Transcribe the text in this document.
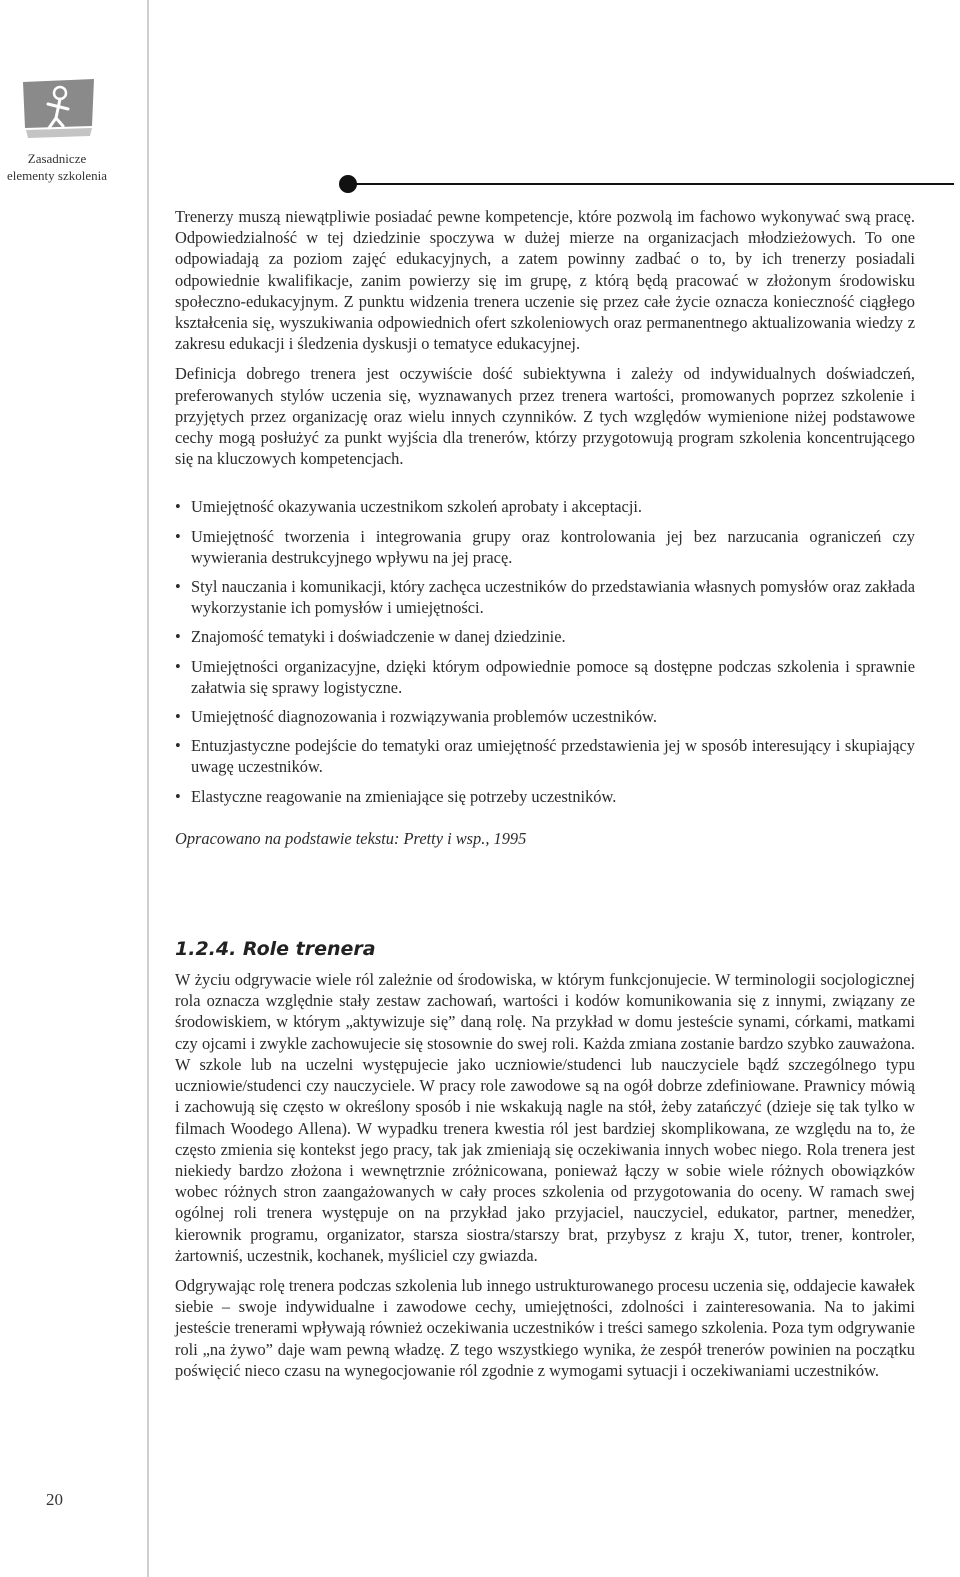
Zasadnicze
elementy szkolenia

Trenerzy muszą niewątpliwie posiadać pewne kompetencje, które pozwolą im fachowo wykonywać swą pracę. Odpowiedzialność w tej dziedzinie spoczywa w dużej mierze na organizacjach młodzieżowych. To one odpowiadają za poziom zajęć edukacyjnych, a zatem powinny zadbać o to, by ich trenerzy posiadali odpowiednie kwalifikacje, zanim powierzy się im grupę, z którą będą pracować w złożonym środowisku społeczno-edukacyjnym. Z punktu widzenia trenera uczenie się przez całe życie oznacza konieczność ciągłego kształcenia się, wyszukiwania odpowiednich ofert szkoleniowych oraz permanentnego aktualizowania wiedzy z zakresu edukacji i śledzenia dyskusji o tematyce edukacyjnej.

Definicja dobrego trenera jest oczywiście dość subiektywna i zależy od indywidualnych doświadczeń, preferowanych stylów uczenia się, wyznawanych przez trenera wartości, promowanych poprzez szkolenie i przyjętych przez organizację oraz wielu innych czynników. Z tych względów wymienione niżej podstawowe cechy mogą posłużyć za punkt wyjścia dla trenerów, którzy przygotowują program szkolenia koncentrującego się na kluczowych kompetencjach.

• Umiejętność okazywania uczestnikom szkoleń aprobaty i akceptacji.
• Umiejętność tworzenia i integrowania grupy oraz kontrolowania jej bez narzucania ograniczeń czy wywierania destrukcyjnego wpływu na jej pracę.
• Styl nauczania i komunikacji, który zachęca uczestników do przedstawiania własnych pomysłów oraz zakłada wykorzystanie ich pomysłów i umiejętności.
• Znajomość tematyki i doświadczenie w danej dziedzinie.
• Umiejętności organizacyjne, dzięki którym odpowiednie pomoce są dostępne podczas szkolenia i sprawnie załatwia się sprawy logistyczne.
• Umiejętność diagnozowania i rozwiązywania problemów uczestników.
• Entuzjastyczne podejście do tematyki oraz umiejętność przedstawienia jej w sposób interesujący i skupiający uwagę uczestników.
• Elastyczne reagowanie na zmieniające się potrzeby uczestników.

Opracowano na podstawie tekstu: Pretty i wsp., 1995

1.2.4. Role trenera

W życiu odgrywacie wiele ról zależnie od środowiska, w którym funkcjonujecie. W terminologii socjologicznej rola oznacza względnie stały zestaw zachowań, wartości i kodów komunikowania się z innymi, związany ze środowiskiem, w którym „aktywizuje się” daną rolę. Na przykład w domu jesteście synami, córkami, matkami czy ojcami i zwykle zachowujecie się stosownie do swej roli. Każda zmiana zostanie bardzo szybko zauważona. W szkole lub na uczelni występujecie jako uczniowie/studenci lub nauczyciele bądź szczególnego typu uczniowie/studenci czy nauczyciele. W pracy role zawodowe są na ogół dobrze zdefiniowane. Prawnicy mówią i zachowują się często w określony sposób i nie wskakują nagle na stół, żeby zatańczyć (dzieje się tak tylko w filmach Woodego Allena). W wypadku trenera kwestia ról jest bardziej skomplikowana, ze względu na to, że często zmienia się kontekst jego pracy, tak jak zmieniają się oczekiwania innych wobec niego. Rola trenera jest niekiedy bardzo złożona i wewnętrznie zróżnicowana, ponieważ łączy w sobie wiele różnych obowiązków wobec różnych stron zaangażowanych w cały proces szkolenia od przygotowania do oceny. W ramach swej ogólnej roli trenera występuje on na przykład jako przyjaciel, nauczyciel, edukator, partner, menedżer, kierownik programu, organizator, starsza siostra/starszy brat, przybysz z kraju X, tutor, trener, kontroler, żartowniś, uczestnik, kochanek, myśliciel czy gwiazda.

Odgrywając rolę trenera podczas szkolenia lub innego ustrukturowanego procesu uczenia się, oddajecie kawałek siebie – swoje indywidualne i zawodowe cechy, umiejętności, zdolności i zainteresowania. Na to jakimi jesteście trenerami wpływają również oczekiwania uczestników i treści samego szkolenia. Poza tym odgrywanie roli „na żywo” daje wam pewną władzę. Z tego wszystkiego wynika, że zespół trenerów powinien na początku poświęcić nieco czasu na wynegocjowanie ról zgodnie z wymogami sytuacji i oczekiwaniami uczestników.

20
